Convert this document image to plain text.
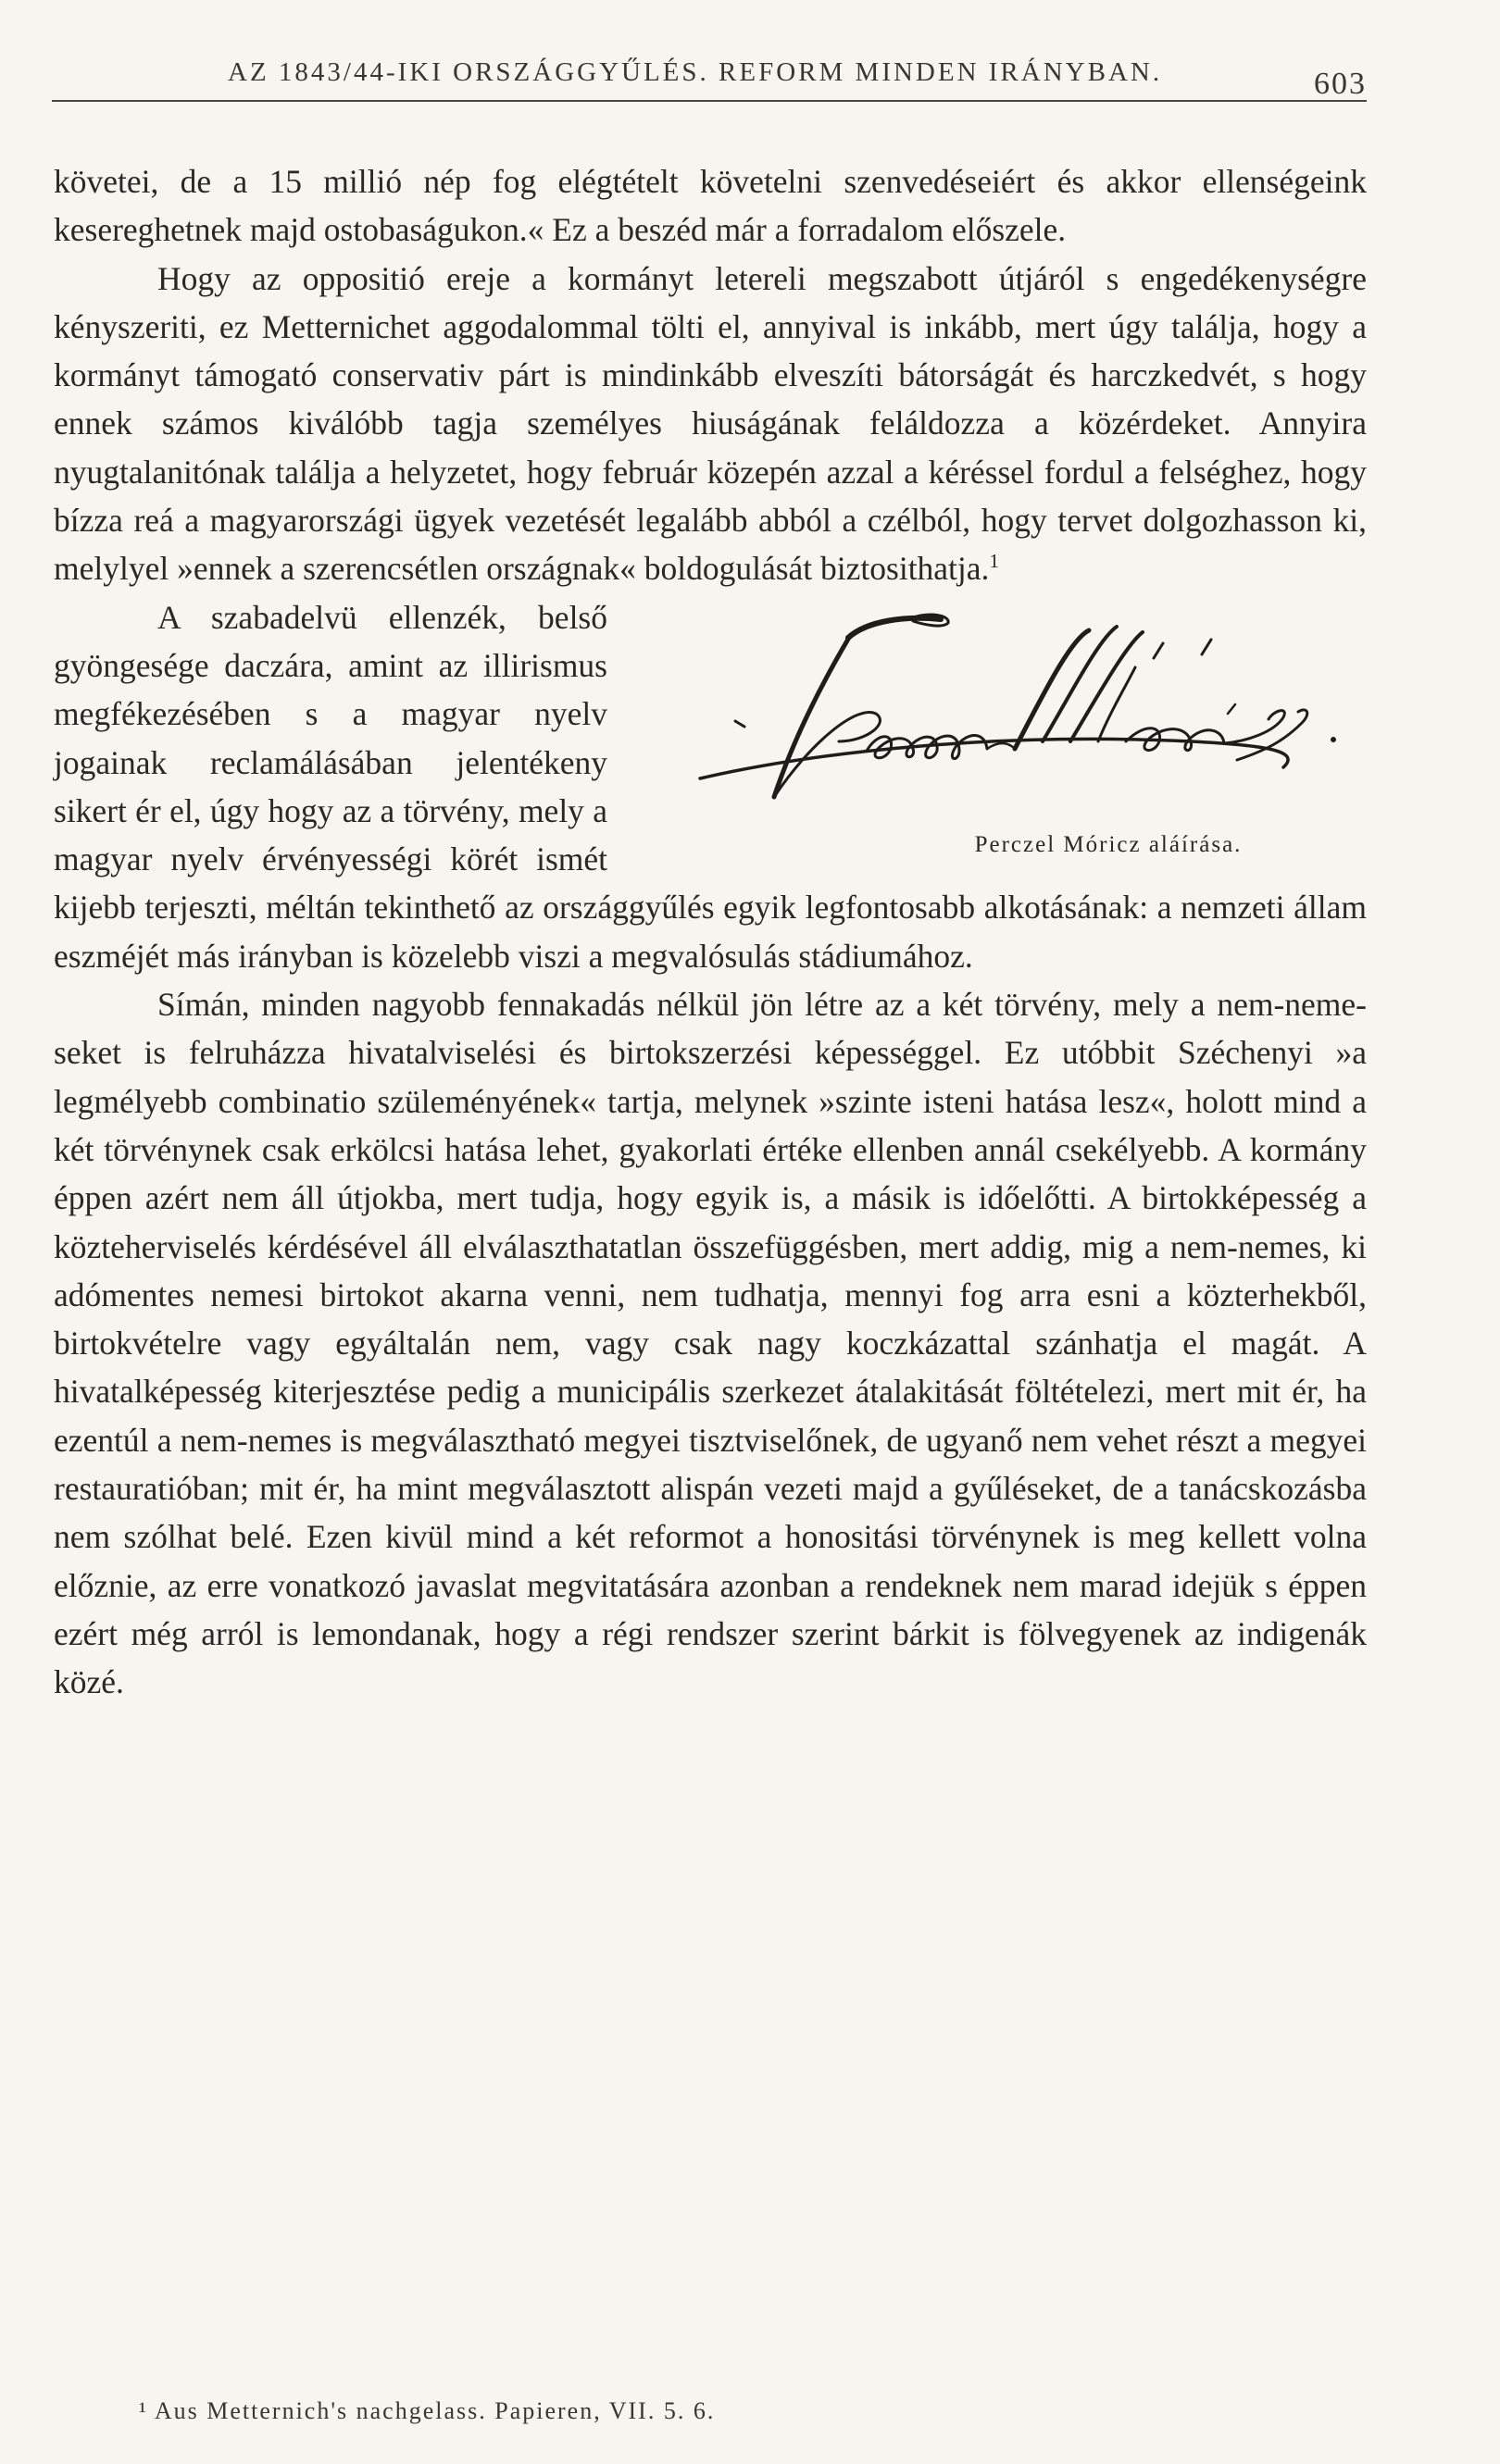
AZ 1843/44-IKI ORSZÁGGYŰLÉS. REFORM MINDEN IRÁNYBAN.	603

követei, de a 15 millió nép fog elégtételt követelni szenvedéseiért és akkor ellenségeink kesereghetnek majd ostobaságukon.« Ez a beszéd már a forradalom előszele.

Hogy az oppositió ereje a kormányt letereli megszabott útjáról s engedékenységre kényszeriti, ez Metternichet aggodalommal tölti el, annyival is inkább, mert úgy találja, hogy a kormányt támogató conservativ párt is mindinkább elveszíti bátorságát és harczkedvét, s hogy ennek számos kiválóbb tagja személyes hiuságának feláldozza a közérdeket. Annyira nyugtalanitónak találja a helyzetet, hogy február közepén azzal a kéréssel fordul a felséghez, hogy bízza reá a magyarországi ügyek vezetését legalább abból a czélból, hogy tervet dolgozhasson ki, melylyel »ennek a szerencsétlen országnak« boldogulását biztosithatja.$^1$

Perczel Móricz aláírása.
A szabadelvü ellenzék, belső gyöngesége daczára, amint az illirismus megfékezésében s a magyar nyelv jogainak reclamálásában jelentékeny sikert ér el, úgy hogy az a törvény, mely a magyar nyelv érvényességi körét ismét kijebb terjeszti, méltán tekinthető az országgyűlés egyik legfontosabb alkotásának: a nemzeti állam eszméjét más irányban is közelebb viszi a megvalósulás stádiumához.

Símán, minden nagyobb fennakadás nélkül jön létre az a két törvény, mely a nem-nemeseket is felruházza hivatalviselési és birtokszerzési képességgel. Ez utóbbit Széchenyi »a legmélyebb combinatio szüleményének« tartja, melynek »szinte isteni hatása lesz«, holott mind a két törvénynek csak erkölcsi hatása lehet, gyakorlati értéke ellenben annál csekélyebb. A kormány éppen azért nem áll útjokba, mert tudja, hogy egyik is, a másik is időelőtti. A birtokképesség a közteherviselés kérdésével áll elválaszthatatlan összefüggésben, mert addig, mig a nem-nemes, ki adómentes nemesi birtokot akarna venni, nem tudhatja, mennyi fog arra esni a közterhekből, birtokvételre vagy egyáltalán nem, vagy csak nagy koczkázattal szánhatja el magát. A hivatalképesség kiterjesztése pedig a municipális szerkezet átalakitását föltételezi, mert mit ér, ha ezentúl a nem-nemes is megválasztható megyei tisztviselőnek, de ugyanő nem vehet részt a megyei restauratióban; mit ér, ha mint megválasztott alispán vezeti majd a gyűléseket, de a tanácskozásba nem szólhat belé. Ezen kivül mind a két reformot a honositási törvénynek is meg kellett volna előznie, az erre vonatkozó javaslat megvitatására azonban a rendeknek nem marad idejük s éppen ezért még arról is lemondanak, hogy a régi rendszer szerint bárkit is fölvegyenek az indigenák közé.

¹ Aus Metternich's nachgelass. Papieren, VII. 5. 6.
